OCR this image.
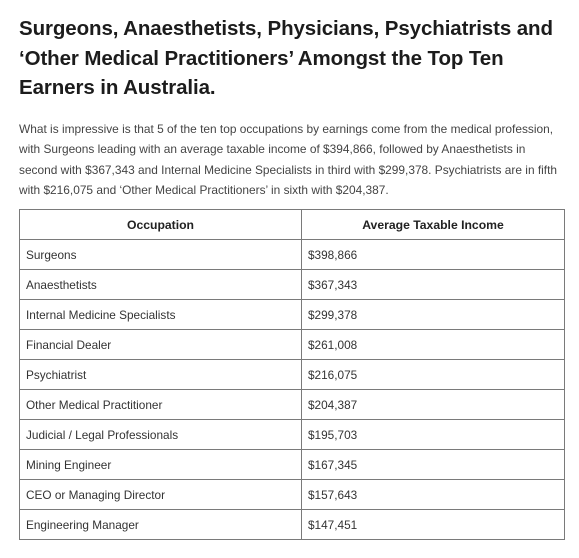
Surgeons, Anaesthetists, Physicians, Psychiatrists and ‘Other Medical Practitioners’ Amongst the Top Ten Earners in Australia.

What is impressive is that 5 of the ten top occupations by earnings come from the medical profession, with Surgeons leading with an average taxable income of $394,866, followed by Anaesthetists in second with $367,343 and Internal Medicine Specialists in third with $299,378. Psychiatrists are in fifth with $216,075 and ‘Other Medical Practitioners’ in sixth with $204,387.

Occupation	Average Taxable Income
Surgeons	$398,866
Anaesthetists	$367,343
Internal Medicine Specialists	$299,378
Financial Dealer	$261,008
Psychiatrist	$216,075
Other Medical Practitioner	$204,387
Judicial / Legal Professionals	$195,703
Mining Engineer	$167,345
CEO or Managing Director	$157,643
Engineering Manager	$147,451
